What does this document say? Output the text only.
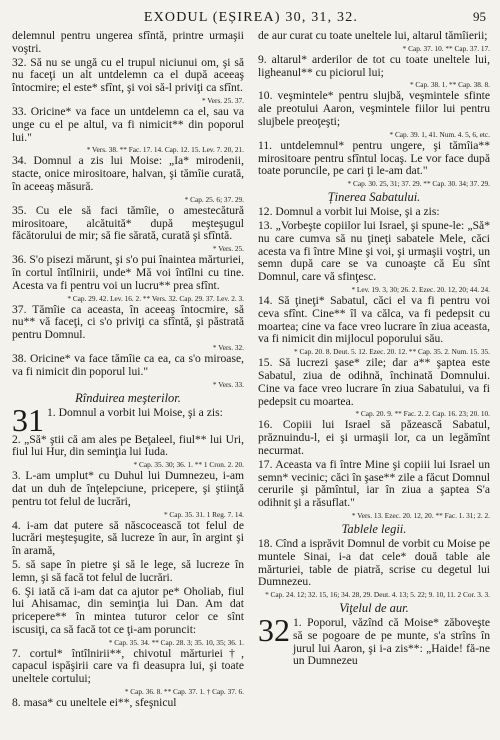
EXODUL (EȘIREA) 30, 31, 32.	95

delemnul pentru ungerea sfîntă, printre urmaşii voştri.

32. Să nu se ungă cu el trupul niciunui om, şi să nu faceţi un alt untdelemn ca el după aceeaş întocmire; el este* sfînt, şi voi să-l priviţi ca sfînt.

* Vers. 25. 37.

33. Oricine* va face un untdelemn ca el, sau va unge cu el pe altul, va fi nimicit** din poporul lui."

* Vers. 38. ** Fac. 17. 14. Cap. 12. 15. Lev. 7. 20, 21.

34. Domnul a zis lui Moise: „Ia* mirodenii, stacte, onice mirositoare, halvan, şi tămîie curată, în aceeaş măsură.

* Cap. 25. 6; 37. 29.

35. Cu ele să faci tămîie, o amestecătură mirositoare, alcătuită* după meşteşugul făcătorului de mir; să fie sărată, curată şi sfîntă.

* Vers. 25.

36. S'o pisezi mărunt, şi s'o pui înaintea mărturiei, în cortul întîlnirii, unde* Mă voi întîlni cu tine. Acesta va fi pentru voi un lucru** prea sfînt.

* Cap. 29. 42. Lev. 16. 2. ** Vers. 32. Cap. 29. 37. Lev. 2. 3.

37. Tămîie ca aceasta, în aceeaş întocmire, să nu** vă faceţi, ci s'o priviţi ca sfîntă, şi păstrată pentru Domnul.

* Vers. 32.

38. Oricine* va face tămîie ca ea, ca s'o miroase, va fi nimicit din poporul lui."

* Vers. 33.
Rînduirea meşterilor.
31 1. Domnul a vorbit lui Moise, şi a zis:

2. „Să* ştii că am ales pe Beţaleel, fiul** lui Uri, fiul lui Hur, din seminţia lui Iuda.

* Cap. 35. 30; 36. 1. ** 1 Cron. 2. 20.

3. L-am umplut* cu Duhul lui Dumnezeu, i-am dat un duh de înţelepciune, pricepere, şi ştiinţă pentru tot felul de lucrări,

* Cap. 35. 31. 1 Reg. 7. 14.

4. i-am dat putere să născocească tot felul de lucrări meşteşugite, să lucreze în aur, în argint şi în aramă,

5. să sape în pietre şi să le lege, să lucreze în lemn, şi să facă tot felul de lucrări.

6. Şi iată că i-am dat ca ajutor pe* Oholiab, fiul lui Ahisamac, din seminţia lui Dan. Am dat pricepere** în mintea tuturor celor ce sînt iscusiţi, ca să facă tot ce ţi-am poruncit:

* Cap. 35. 34. ** Cap. 28. 3; 35. 10, 35; 36. 1.

7. cortul* întîlnirii**, chivotul mărturiei†, capacul ispăşirii care va fi deasupra lui, şi toate uneltele cortului;

* Cap. 36. 8. ** Cap. 37. 1. † Cap. 37. 6.

8. masa* cu uneltele ei**, sfeşnicul

de aur curat cu toate uneltele lui, altarul tămîierii;

* Cap. 37. 10. ** Cap. 37. 17.

9. altarul* arderilor de tot cu toate uneltele lui, ligheanul** cu piciorul lui;

* Cap. 38. 1. ** Cap. 38. 8.

10. veşmintele* pentru slujbă, veşmintele sfinte ale preotului Aaron, veşmintele fiilor lui pentru slujbele preoţeşti;

* Cap. 39. 1, 41. Num. 4. 5, 6, etc.

11. untdelemnul* pentru ungere, şi tămîia** mirositoare pentru sfîntul locaş. Le vor face după toate poruncile, pe cari ţi le-am dat."

* Cap. 30. 25, 31; 37. 29. ** Cap. 30. 34; 37. 29.
Ținerea Sabatului.

12. Domnul a vorbit lui Moise, şi a zis:

13. „Vorbeşte copiilor lui Israel, şi spune-le: „Să* nu care cumva să nu ţineţi sabatele Mele, căci acesta va fi între Mine şi voi, şi urmaşii voştri, un semn după care se va cunoaşte că Eu sînt Domnul, care vă sfinţesc.

* Lev. 19. 3, 30; 26. 2. Ezec. 20. 12, 20; 44. 24.

14. Să ţineţi* Sabatul, căci el va fi pentru voi ceva sfînt. Cine** îl va călca, va fi pedepsit cu moartea; cine va face vreo lucrare în ziua aceasta, va fi nimicit din mijlocul poporului său.

* Cap. 20. 8. Deut. 5. 12. Ezec. 20. 12. ** Cap. 35. 2. Num. 15. 35.

15. Să lucrezi şase* zile; dar a** şaptea este Sabatul, ziua de odihnă, închinată Domnului. Cine va face vreo lucrare în ziua Sabatului, va fi pedepsit cu moartea.

* Cap. 20. 9. ** Fac. 2. 2. Cap. 16. 23; 20. 10.

16. Copiii lui Israel să păzească Sabatul, prăznuindu-l, ei şi urmaşii lor, ca un legămînt necurmat.

17. Aceasta va fi între Mine şi copiii lui Israel un semn* vecinic; căci în şase** zile a făcut Domnul cerurile şi pămîntul, iar în ziua a şaptea S'a odihnit şi a răsuflat."

* Vers. 13. Ezec. 20. 12, 20. ** Fac. 1. 31; 2. 2.
Tablele legii.

18. Cînd a isprăvit Domnul de vorbit cu Moise pe muntele Sinai, i-a dat cele* două table ale mărturiei, table de piatră, scrise cu degetul lui Dumnezeu.

* Cap. 24. 12; 32. 15, 16; 34. 28, 29. Deut. 4. 13; 5. 22; 9. 10, 11. 2 Cor. 3. 3.
Viţelul de aur.
32 1. Poporul, văzînd că Moise* zăboveşte să se pogoare de pe munte, s'a strîns în jurul lui Aaron, şi i-a zis**: „Haide! fă-ne un Dumnezeu
